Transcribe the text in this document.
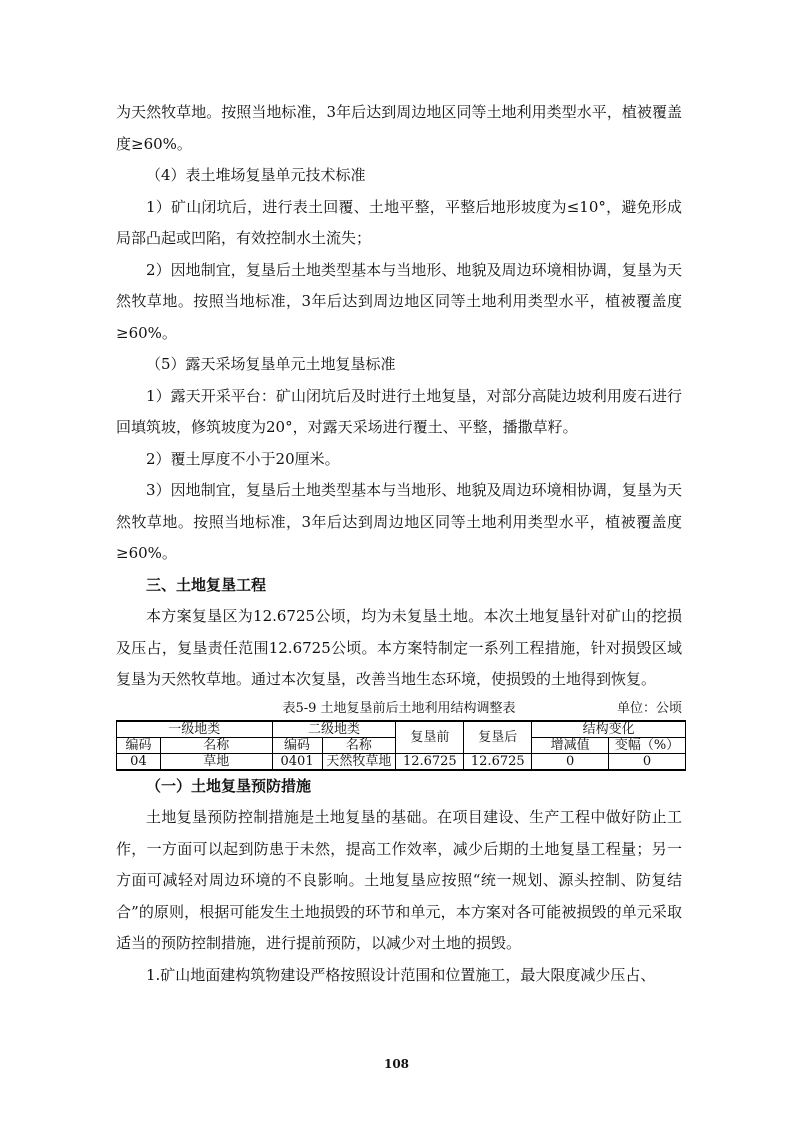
为天然牧草地。按照当地标准，3年后达到周边地区同等土地利用类型水平，植被覆盖度≥60%。

（4）表土堆场复垦单元技术标准

1）矿山闭坑后，进行表土回覆、土地平整，平整后地形坡度为≤10°，避免形成局部凸起或凹陷，有效控制水土流失；

2）因地制宜，复垦后土地类型基本与当地形、地貌及周边环境相协调，复垦为天然牧草地。按照当地标准，3年后达到周边地区同等土地利用类型水平，植被覆盖度≥60%。

（5）露天采场复垦单元土地复垦标准

1）露天开采平台：矿山闭坑后及时进行土地复垦，对部分高陡边坡利用废石进行回填筑坡，修筑坡度为20°，对露天采场进行覆土、平整，播撒草籽。

2）覆土厚度不小于20厘米。

3）因地制宜，复垦后土地类型基本与当地形、地貌及周边环境相协调，复垦为天然牧草地。按照当地标准，3年后达到周边地区同等土地利用类型水平，植被覆盖度≥60%。

三、土地复垦工程

本方案复垦区为12.6725公顷，均为未复垦土地。本次土地复垦针对矿山的挖损及压占，复垦责任范围12.6725公顷。本方案特制定一系列工程措施，针对损毁区域复垦为天然牧草地。通过本次复垦，改善当地生态环境，使损毁的土地得到恢复。

表5-9 土地复垦前后土地利用结构调整表	单位：公顷
一级地类		二级地类		复垦前	复垦后	结构变化	
编码	名称	编码	名称			增减值	变幅（%）
04	草地	0401	天然牧草地	12.6725	12.6725	0	0

（一）土地复垦预防措施

土地复垦预防控制措施是土地复垦的基础。在项目建设、生产工程中做好防止工作，一方面可以起到防患于未然，提高工作效率，减少后期的土地复垦工程量；另一方面可减轻对周边环境的不良影响。土地复垦应按照“统一规划、源头控制、防复结合”的原则，根据可能发生土地损毁的环节和单元，本方案对各可能被损毁的单元采取适当的预防控制措施，进行提前预防，以减少对土地的损毁。

1.矿山地面建构筑物建设严格按照设计范围和位置施工，最大限度减少压占、

108
